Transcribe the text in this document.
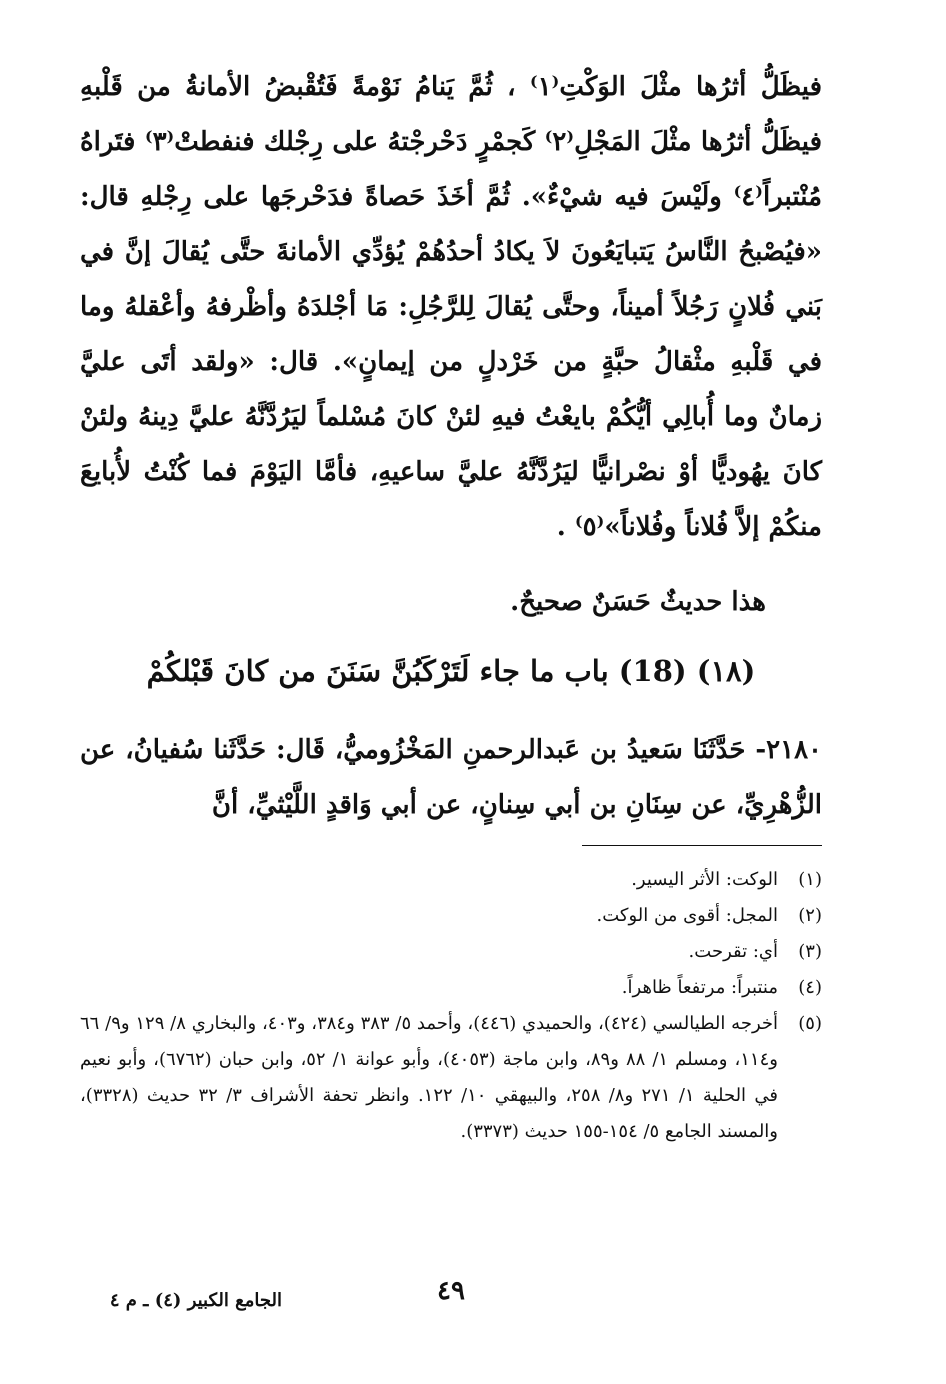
فيظَلُّ أثرُها مثْلَ الوَكْتِ⁽١⁾ ، ثُمَّ يَنامُ نَوْمةً فَتُقْبضُ الأمانةُ من قَلْبهِ فيظَلُّ أثرُها مثْلَ المَجْلِ⁽٢⁾ كَجمْرٍ دَحْرجْتهُ على رِجْلك فنفطتْ⁽٣⁾ فتَراهُ مُنْتبراً⁽٤⁾ ولَيْسَ فيه شيْءٌ». ثُمَّ أخَذَ حَصاةً فدَحْرجَها على رِجْلهِ قال: «فيُصْبحُ النَّاسُ يَتبايَعُونَ لاَ يكادُ أحدُهُمْ يُؤدِّي الأمانةَ حتَّى يُقالَ إنَّ في بَني فُلانٍ رَجُلاً أميناً، وحتَّى يُقالَ لِلرَّجُلِ: مَا أجْلدَهُ وأظْرفهُ وأعْقلهُ وما في قَلْبهِ مثْقالُ حبَّةٍ من خَرْدلٍ من إيمانٍ». قال: «ولقد أتَى عليَّ زمانٌ وما أُبالِي أيُّكُمْ بايعْتُ فيهِ لئنْ كانَ مُسْلماً ليَرُدَّنَّهُ عليَّ دِينهُ ولئنْ كانَ يهُوديًّا أوْ نصْرانيًّا ليَرُدَّنَّهُ عليَّ ساعيهِ، فأمَّا اليَوْمَ فما كُنْتُ لأُبايعَ منكُمْ إلاَّ فُلاناً وفُلاناً»⁽٥⁾ .

هذا حديثٌ حَسَنٌ صحيحٌ.
(١٨) (18) باب ما جاء لَتَرْكَبُنَّ سَنَنَ من كانَ قَبْلكُمْ

٢١٨٠- حَدَّثَنَا سَعيدُ بن عَبدالرحمنِ المَخْزُوميُّ، قَال: حَدَّثَنا سُفيانُ، عن الزُّهْرِيِّ، عن سِنَانِ بن أبي سِنانٍ، عن أبي وَاقدٍ اللَّيْثيِّ، أنَّ

(١)
الوكت: الأثر اليسير.
(٢)
المجل: أقوى من الوكت.
(٣)
أي: تقرحت.
(٤)
منتبراً: مرتفعاً ظاهراً.
(٥)
أخرجه الطيالسي (٤٢٤)، والحميدي (٤٤٦)، وأحمد ٥/ ٣٨٣ و٣٨٤، و٤٠٣، والبخاري ٨/ ١٢٩ و٩/ ٦٦ و١١٤، ومسلم ١/ ٨٨ و٨٩، وابن ماجة (٤٠٥٣)، وأبو عوانة ١/ ٥٢، وابن حبان (٦٧٦٢)، وأبو نعيم في الحلية ١/ ٢٧١ و٨/ ٢٥٨، والبيهقي ١٠/ ١٢٢. وانظر تحفة الأشراف ٣/ ٣٢ حديث (٣٣٢٨)، والمسند الجامع ٥/ ١٥٤-١٥٥ حديث (٣٣٧٣).
٤٩
الجامع الكبير (٤) ـ م ٤
